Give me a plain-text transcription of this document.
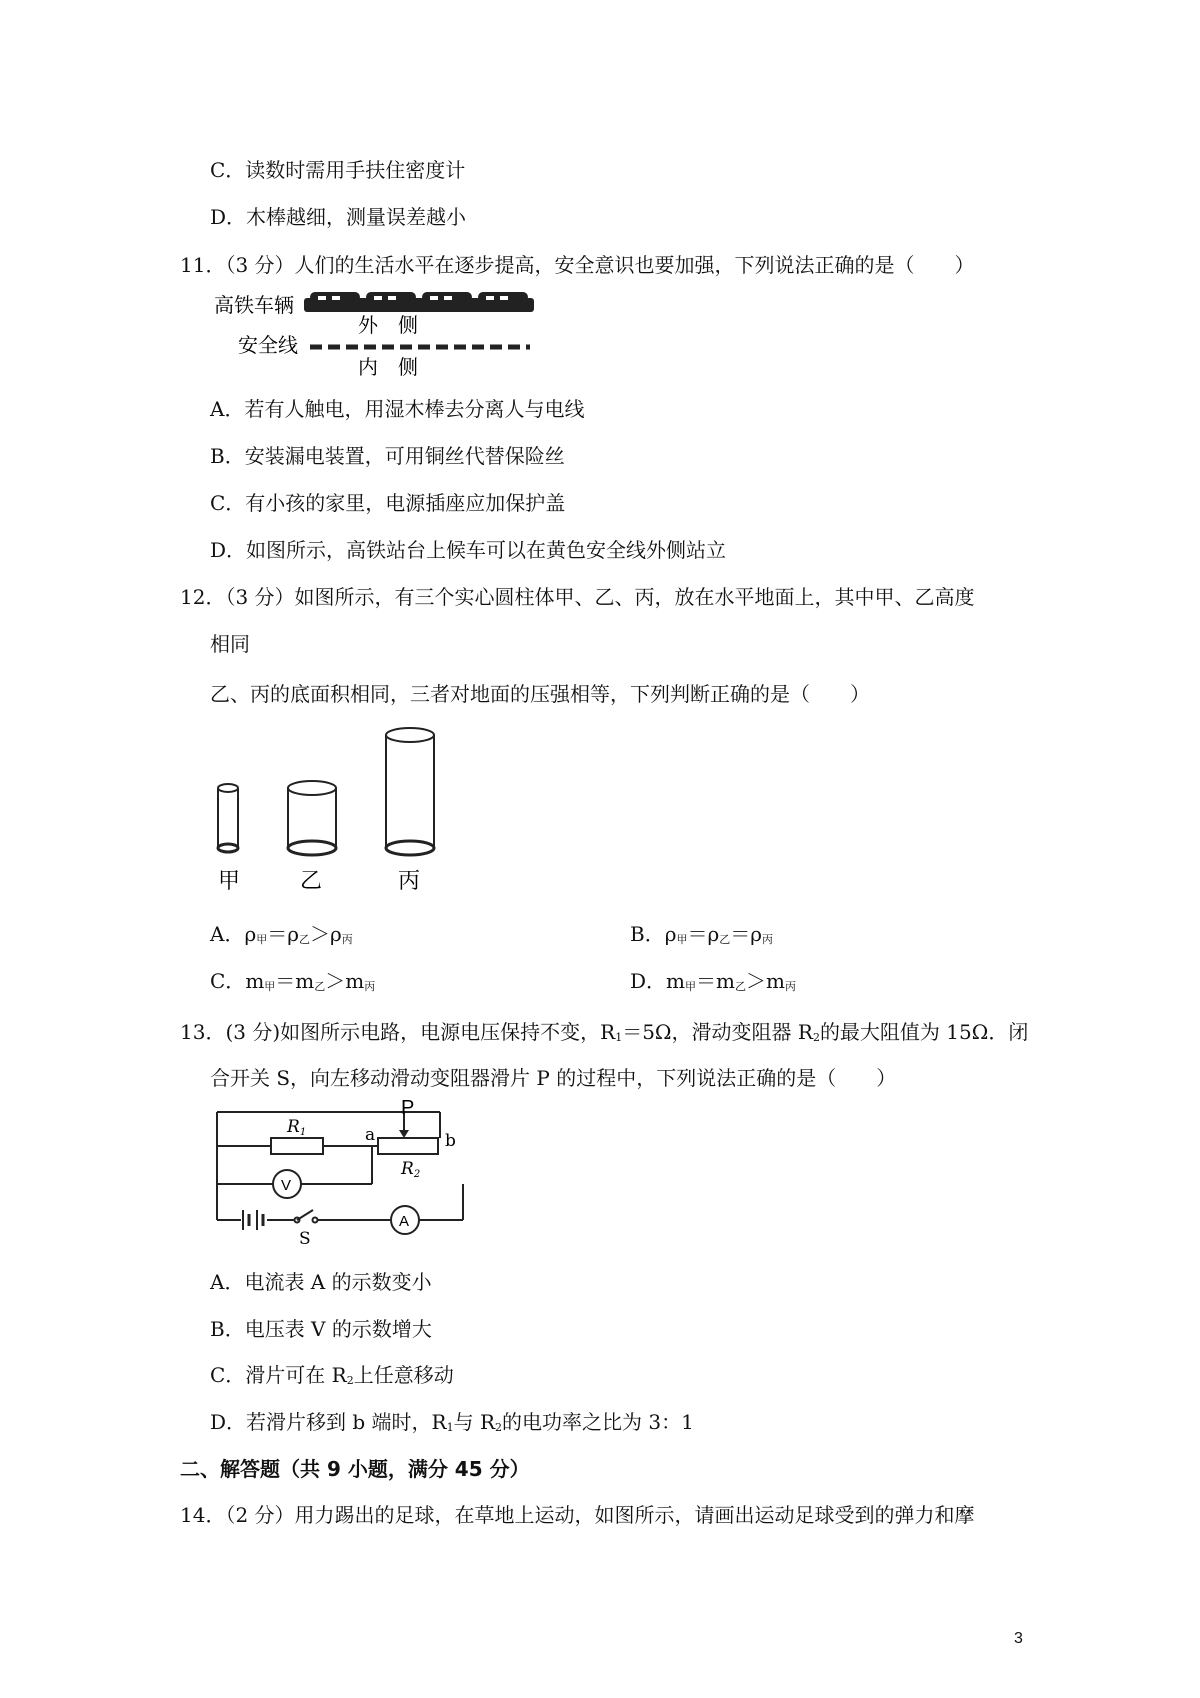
C．读数时需用手扶住密度计
D．木棒越细，测量误差越小
11．（3 分）人们的生活水平在逐步提高，安全意识也要加强，下列说法正确的是（　　）
高铁车辆
外　侧
安全线
内　侧
A．若有人触电，用湿木棒去分离人与电线
B．安装漏电装置，可用铜丝代替保险丝
C．有小孩的家里，电源插座应加保护盖
D．如图所示，高铁站台上候车可以在黄色安全线外侧站立
12．（3 分）如图所示，有三个实心圆柱体甲、乙、丙，放在水平地面上，其中甲、乙高度
相同
乙、丙的底面积相同，三者对地面的压强相等，下列判断正确的是（　　）
甲	乙	丙
A．$\rho_甲=\rho_乙>\rho_丙$	B．$\rho_甲=\rho_乙=\rho_丙$
C．$m_甲=m_乙>m_丙$	D．$m_甲=m_乙>m_丙$
13．(3 分)如图所示电路，电源电压保持不变，$R_1=5\Omega$，滑动变阻器 $R_2$的最大阻值为 15Ω．闭
合开关 S，向左移动滑动变阻器滑片 P 的过程中，下列说法正确的是（　　）
P
R1	a	b
R2
V
A
S
A．电流表 A 的示数变小
B．电压表 V 的示数增大
C．滑片可在 $R_2$上任意移动
D．若滑片移到 b 端时，$R_1$与 $R_2$的电功率之比为 3：1
二、解答题（共 9 小题，满分 45 分）
14．（2 分）用力踢出的足球，在草地上运动，如图所示，请画出运动足球受到的弹力和摩
3
